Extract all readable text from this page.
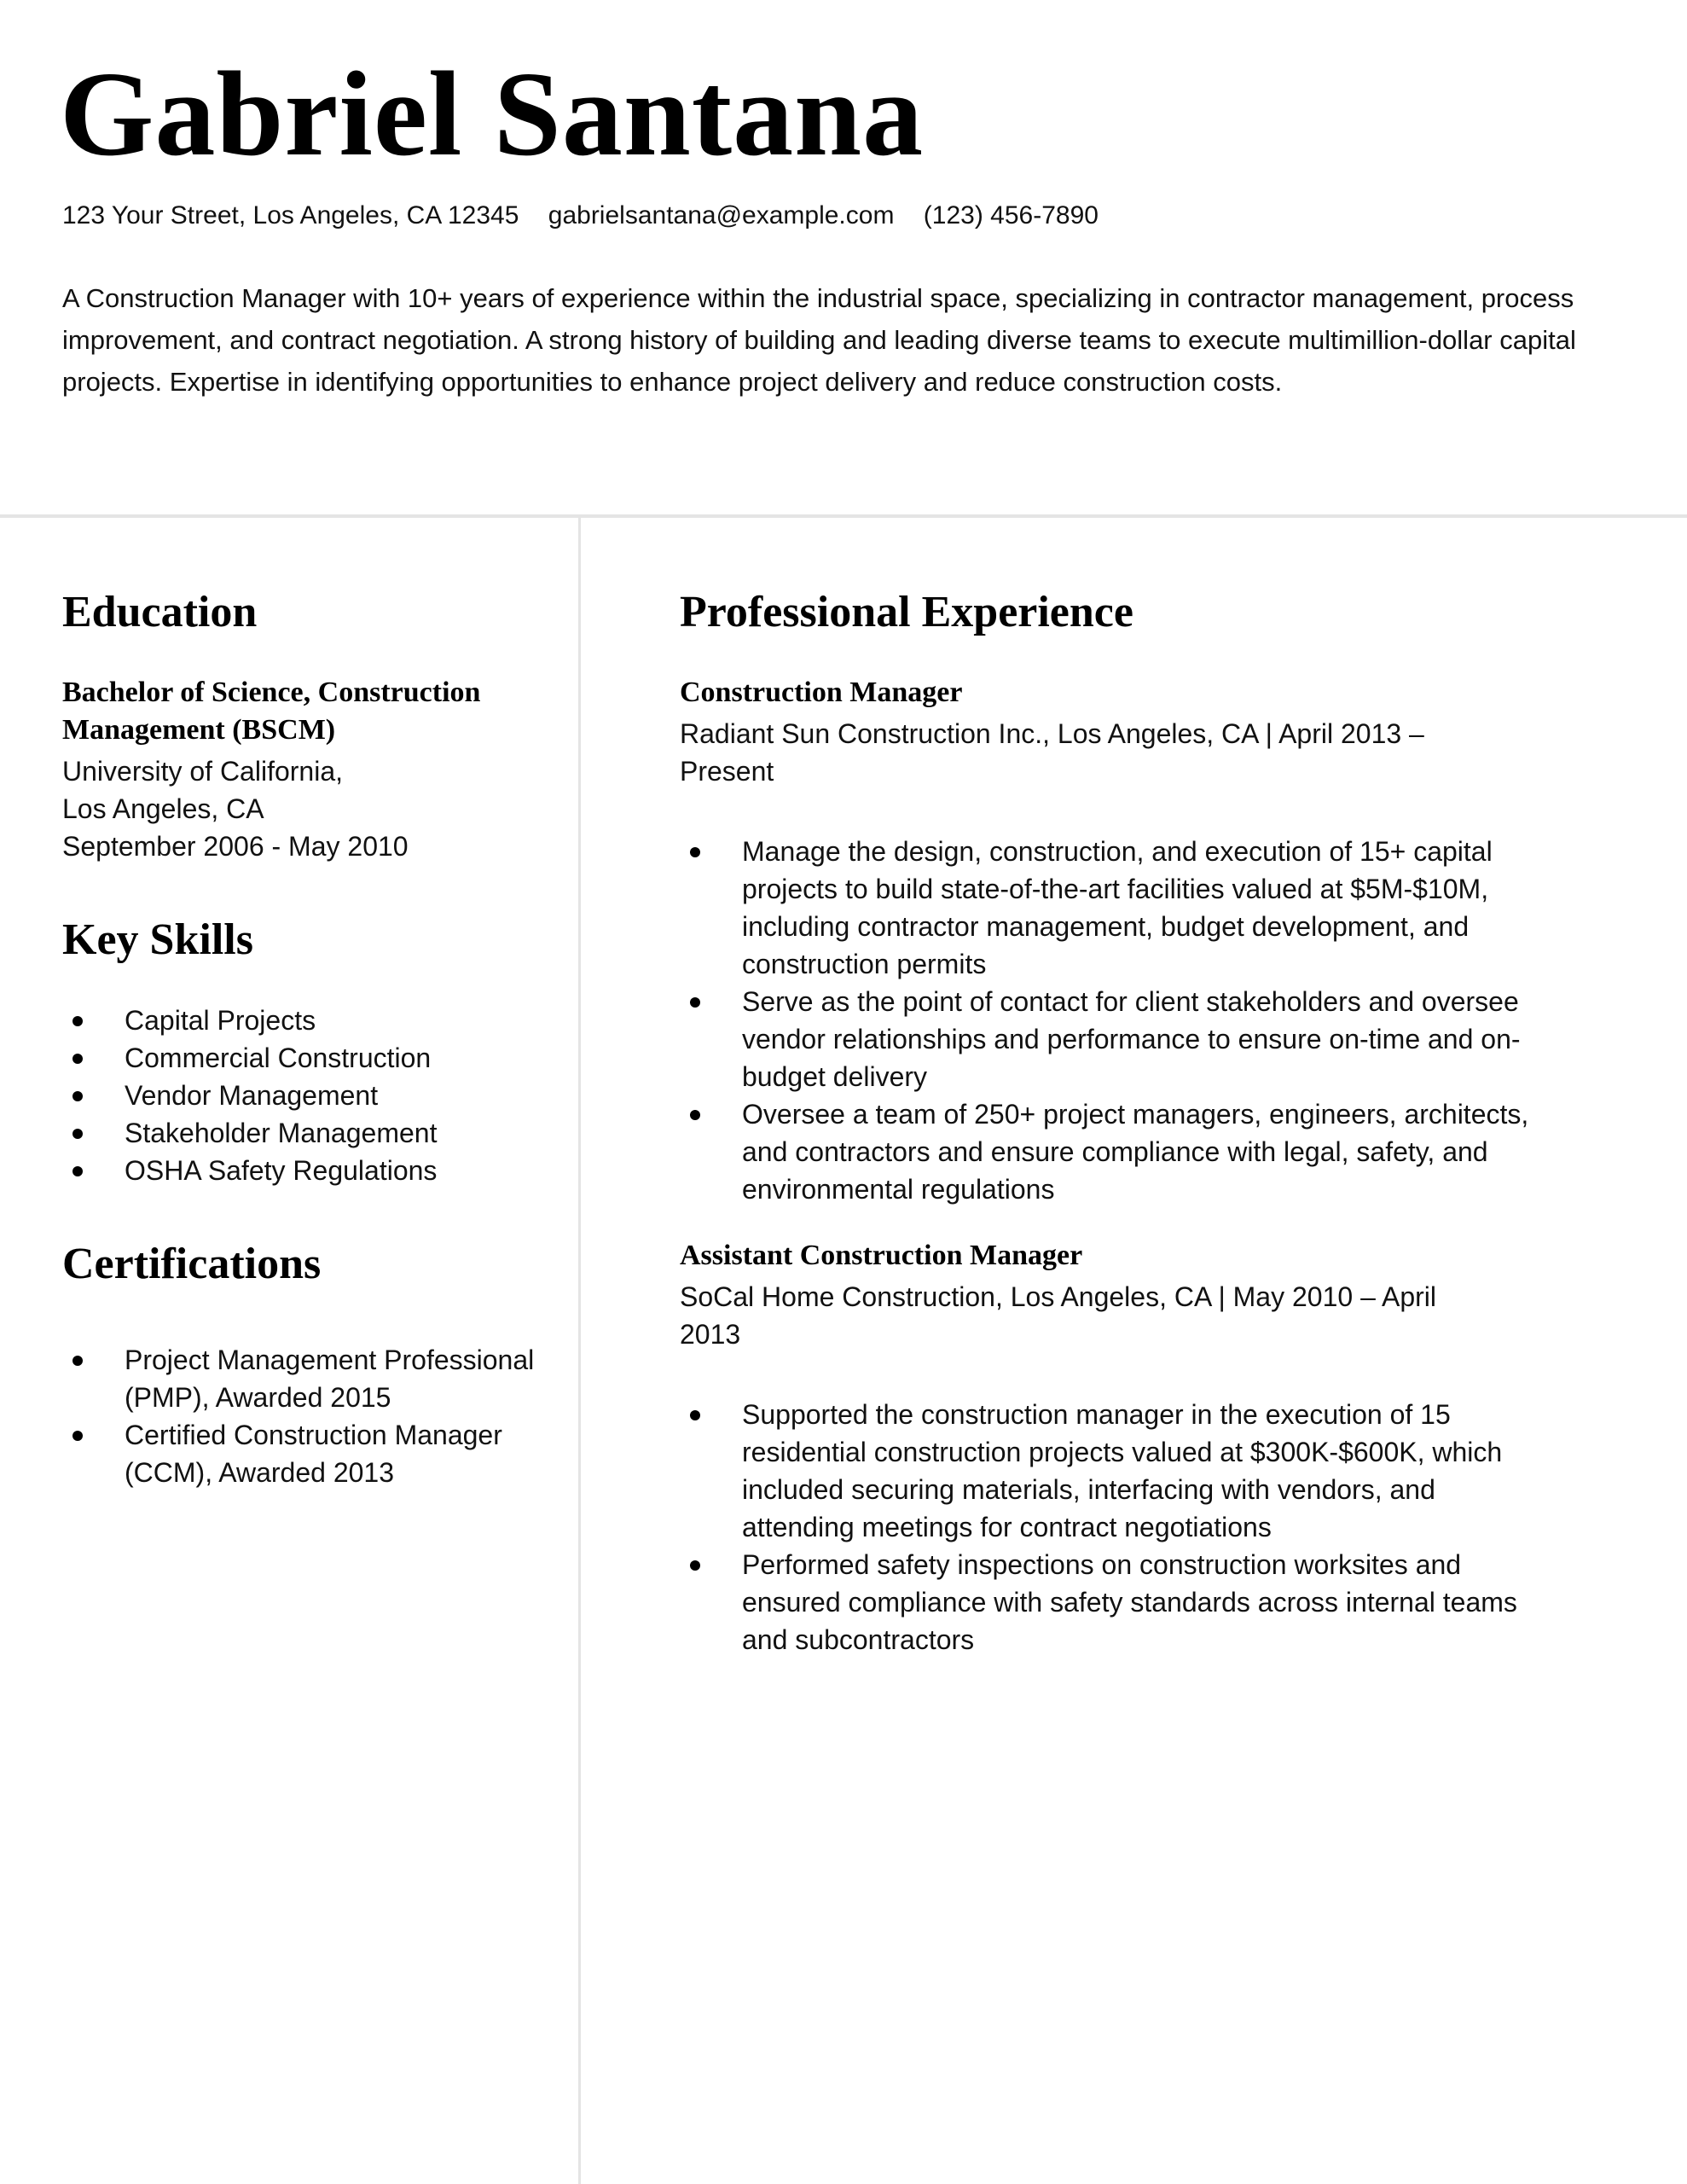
Gabriel Santana
123 Your Street, Los Angeles, CA 12345 gabrielsantana@example.com (123) 456-7890

A Construction Manager with 10+ years of experience within the industrial space, specializing in contractor management, process improvement, and contract negotiation. A strong history of building and leading diverse teams to execute multimillion-dollar capital projects. Expertise in identifying opportunities to enhance project delivery and reduce construction costs.

Education
Bachelor of Science, Construction Management (BSCM)
University of California,
Los Angeles, CA
September 2006 - May 2010
Key Skills
Capital Projects
Commercial Construction
Vendor Management
Stakeholder Management
OSHA Safety Regulations
Certifications
Project Management Professional (PMP), Awarded 2015
Certified Construction Manager (CCM), Awarded 2013
Professional Experience
Construction Manager
Radiant Sun Construction Inc., Los Angeles, CA | April 2013 – Present
Manage the design, construction, and execution of 15+ capital projects to build state-of-the-art facilities valued at $5M-$10M, including contractor management, budget development, and construction permits
Serve as the point of contact for client stakeholders and oversee vendor relationships and performance to ensure on-time and on-budget delivery
Oversee a team of 250+ project managers, engineers, architects, and contractors and ensure compliance with legal, safety, and environmental regulations
Assistant Construction Manager
SoCal Home Construction, Los Angeles, CA | May 2010 – April 2013
Supported the construction manager in the execution of 15 residential construction projects valued at $300K-$600K, which included securing materials, interfacing with vendors, and attending meetings for contract negotiations
Performed safety inspections on construction worksites and ensured compliance with safety standards across internal teams and subcontractors
